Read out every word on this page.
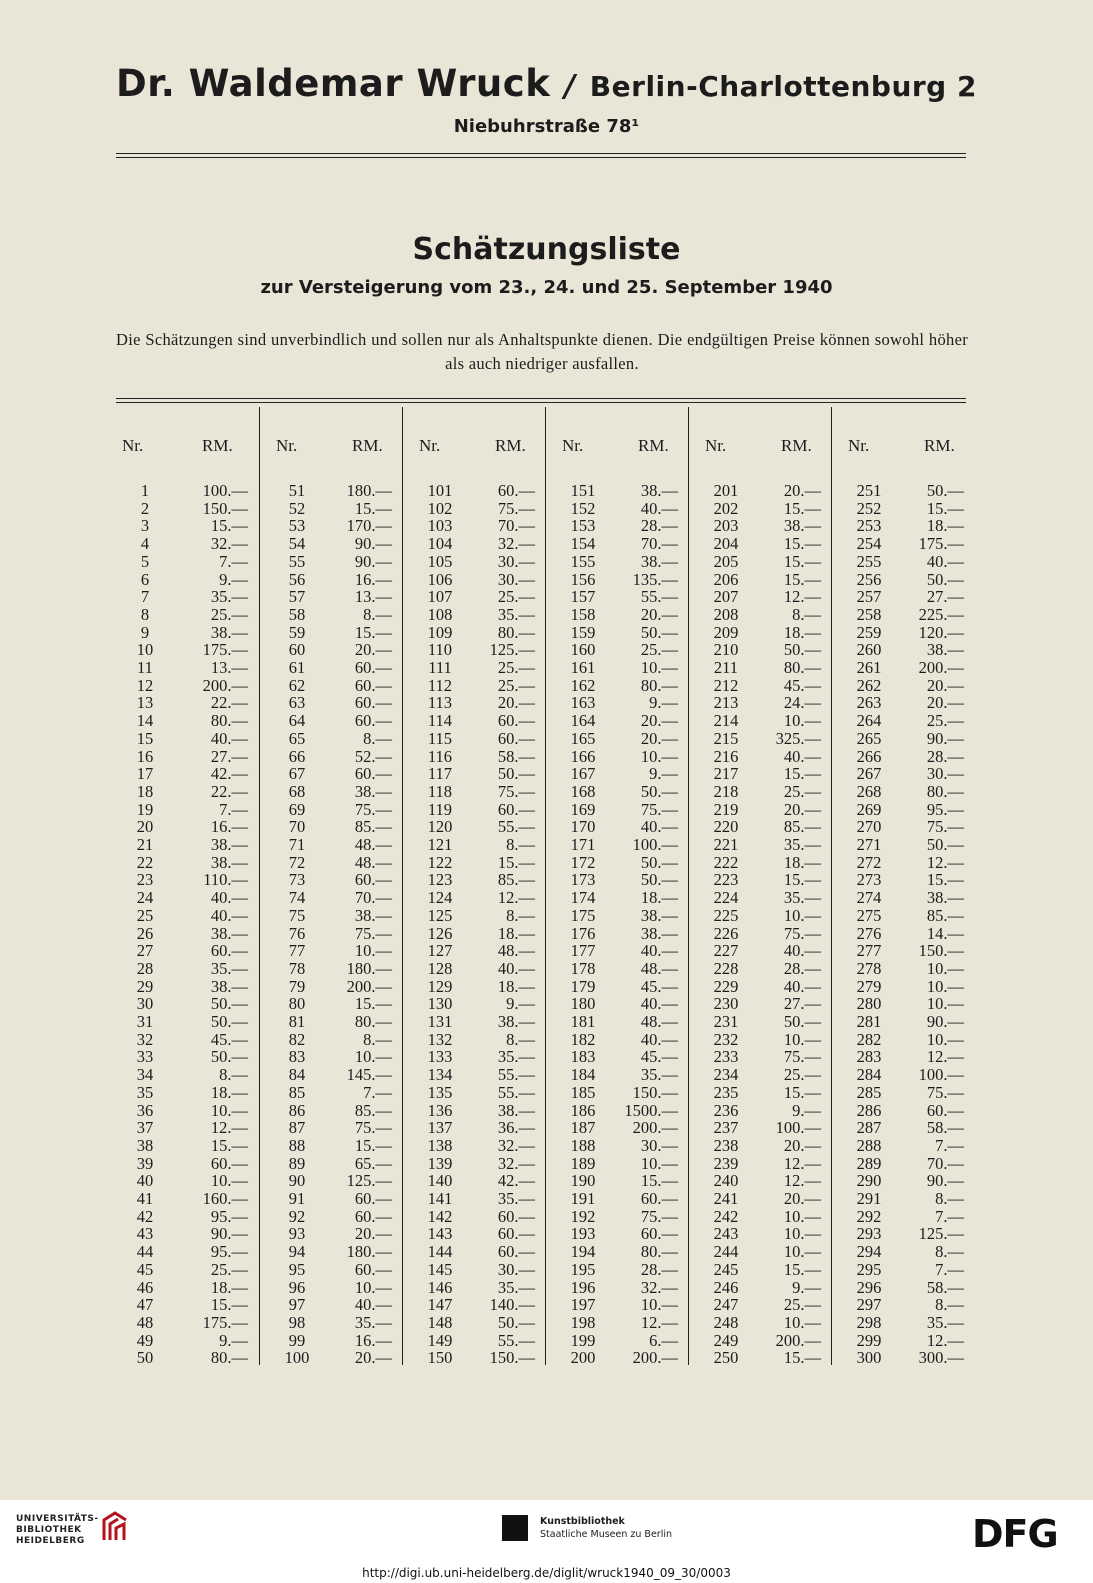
Dr. Waldemar Wruck / Berlin-Charlottenburg 2
Niebuhrstraße 78¹
Schätzungsliste
zur Versteigerung vom 23., 24. und 25. September 1940
Die Schätzungen sind unverbindlich und sollen nur als Anhaltspunkte dienen. Die endgültigen Preise können sowohl höher als auch niedriger ausfallen.
Nr.	RM.
1	100.—
2	150.—
3	15.—
4	32.—
5	7.—
6	9.—
7	35.—
8	25.—
9	38.—
10	175.—
11	13.—
12	200.—
13	22.—
14	80.—
15	40.—
16	27.—
17	42.—
18	22.—
19	7.—
20	16.—
21	38.—
22	38.—
23	110.—
24	40.—
25	40.—
26	38.—
27	60.—
28	35.—
29	38.—
30	50.—
31	50.—
32	45.—
33	50.—
34	8.—
35	18.—
36	10.—
37	12.—
38	15.—
39	60.—
40	10.—
41	160.—
42	95.—
43	90.—
44	95.—
45	25.—
46	18.—
47	15.—
48	175.—
49	9.—
50	80.—
Nr.	RM.
51	180.—
52	15.—
53	170.—
54	90.—
55	90.—
56	16.—
57	13.—
58	8.—
59	15.—
60	20.—
61	60.—
62	60.—
63	60.—
64	60.—
65	8.—
66	52.—
67	60.—
68	38.—
69	75.—
70	85.—
71	48.—
72	48.—
73	60.—
74	70.—
75	38.—
76	75.—
77	10.—
78	180.—
79	200.—
80	15.—
81	80.—
82	8.—
83	10.—
84	145.—
85	7.—
86	85.—
87	75.—
88	15.—
89	65.—
90	125.—
91	60.—
92	60.—
93	20.—
94	180.—
95	60.—
96	10.—
97	40.—
98	35.—
99	16.—
100	20.—
Nr.	RM.
101	60.—
102	75.—
103	70.—
104	32.—
105	30.—
106	30.—
107	25.—
108	35.—
109	80.—
110	125.—
111	25.—
112	25.—
113	20.—
114	60.—
115	60.—
116	58.—
117	50.—
118	75.—
119	60.—
120	55.—
121	8.—
122	15.—
123	85.—
124	12.—
125	8.—
126	18.—
127	48.—
128	40.—
129	18.—
130	9.—
131	38.—
132	8.—
133	35.—
134	55.—
135	55.—
136	38.—
137	36.—
138	32.—
139	32.—
140	42.—
141	35.—
142	60.—
143	60.—
144	60.—
145	30.—
146	35.—
147	140.—
148	50.—
149	55.—
150	150.—
Nr.	RM.
151	38.—
152	40.—
153	28.—
154	70.—
155	38.—
156	135.—
157	55.—
158	20.—
159	50.—
160	25.—
161	10.—
162	80.—
163	9.—
164	20.—
165	20.—
166	10.—
167	9.—
168	50.—
169	75.—
170	40.—
171	100.—
172	50.—
173	50.—
174	18.—
175	38.—
176	38.—
177	40.—
178	48.—
179	45.—
180	40.—
181	48.—
182	40.—
183	45.—
184	35.—
185	150.—
186	1500.—
187	200.—
188	30.—
189	10.—
190	15.—
191	60.—
192	75.—
193	60.—
194	80.—
195	28.—
196	32.—
197	10.—
198	12.—
199	6.—
200	200.—
Nr.	RM.
201	20.—
202	15.—
203	38.—
204	15.—
205	15.—
206	15.—
207	12.—
208	8.—
209	18.—
210	50.—
211	80.—
212	45.—
213	24.—
214	10.—
215	325.—
216	40.—
217	15.—
218	25.—
219	20.—
220	85.—
221	35.—
222	18.—
223	15.—
224	35.—
225	10.—
226	75.—
227	40.—
228	28.—
229	40.—
230	27.—
231	50.—
232	10.—
233	75.—
234	25.—
235	15.—
236	9.—
237	100.—
238	20.—
239	12.—
240	12.—
241	20.—
242	10.—
243	10.—
244	10.—
245	15.—
246	9.—
247	25.—
248	10.—
249	200.—
250	15.—
Nr.	RM.
251	50.—
252	15.—
253	18.—
254	175.—
255	40.—
256	50.—
257	27.—
258	225.—
259	120.—
260	38.—
261	200.—
262	20.—
263	20.—
264	25.—
265	90.—
266	28.—
267	30.—
268	80.—
269	95.—
270	75.—
271	50.—
272	12.—
273	15.—
274	38.—
275	85.—
276	14.—
277	150.—
278	10.—
279	10.—
280	10.—
281	90.—
282	10.—
283	12.—
284	100.—
285	75.—
286	60.—
287	58.—
288	7.—
289	70.—
290	90.—
291	8.—
292	7.—
293	125.—
294	8.—
295	7.—
296	58.—
297	8.—
298	35.—
299	12.—
300	300.—
UNIVERSITÄTS-
BIBLIOTHEK
HEIDELBERG
Kunstbibliothek
Staatliche Museen zu Berlin	DFG
http://digi.ub.uni-heidelberg.de/diglit/wruck1940_09_30/0003
